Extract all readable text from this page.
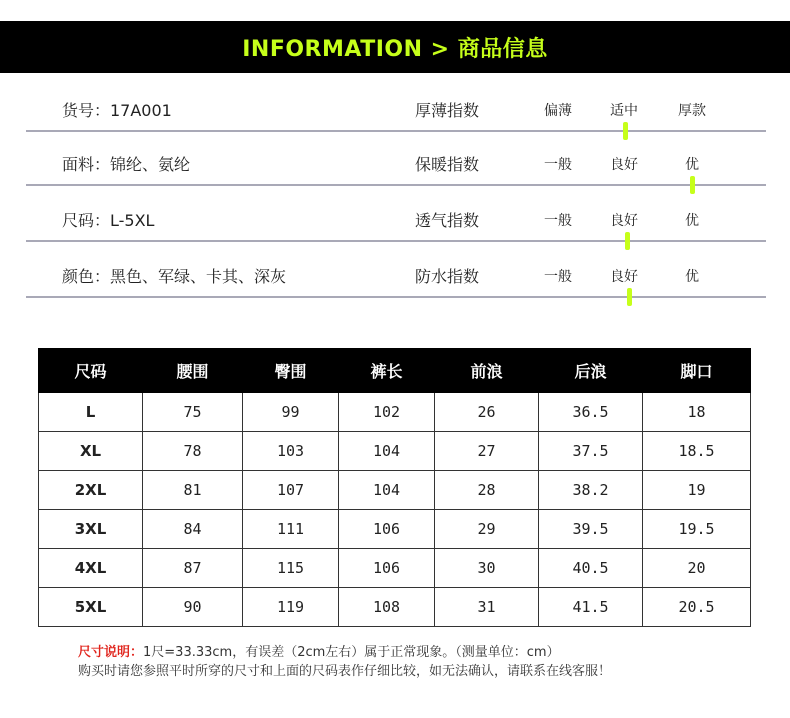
INFORMATION > 商品信息
货号：17A001	厚薄指数	偏薄	适中	厚款
面料：锦纶、氨纶	保暖指数	一般	良好	优
尺码：L-5XL	透气指数	一般	良好	优
颜色：黑色、军绿、卡其、深灰	防水指数	一般	良好	优
尺码	腰围	臀围	裤长	前浪	后浪	脚口
L	75	99	102	26	36.5	18
XL	78	103	104	27	37.5	18.5
2XL	81	107	104	28	38.2	19
3XL	84	111	106	29	39.5	19.5
4XL	87	115	106	30	40.5	20
5XL	90	119	108	31	41.5	20.5
尺寸说明：1尺=33.33cm，有误差（2cm左右）属于正常现象。（测量单位：cm）
购买时请您参照平时所穿的尺寸和上面的尺码表作仔细比较，如无法确认，请联系在线客服！
